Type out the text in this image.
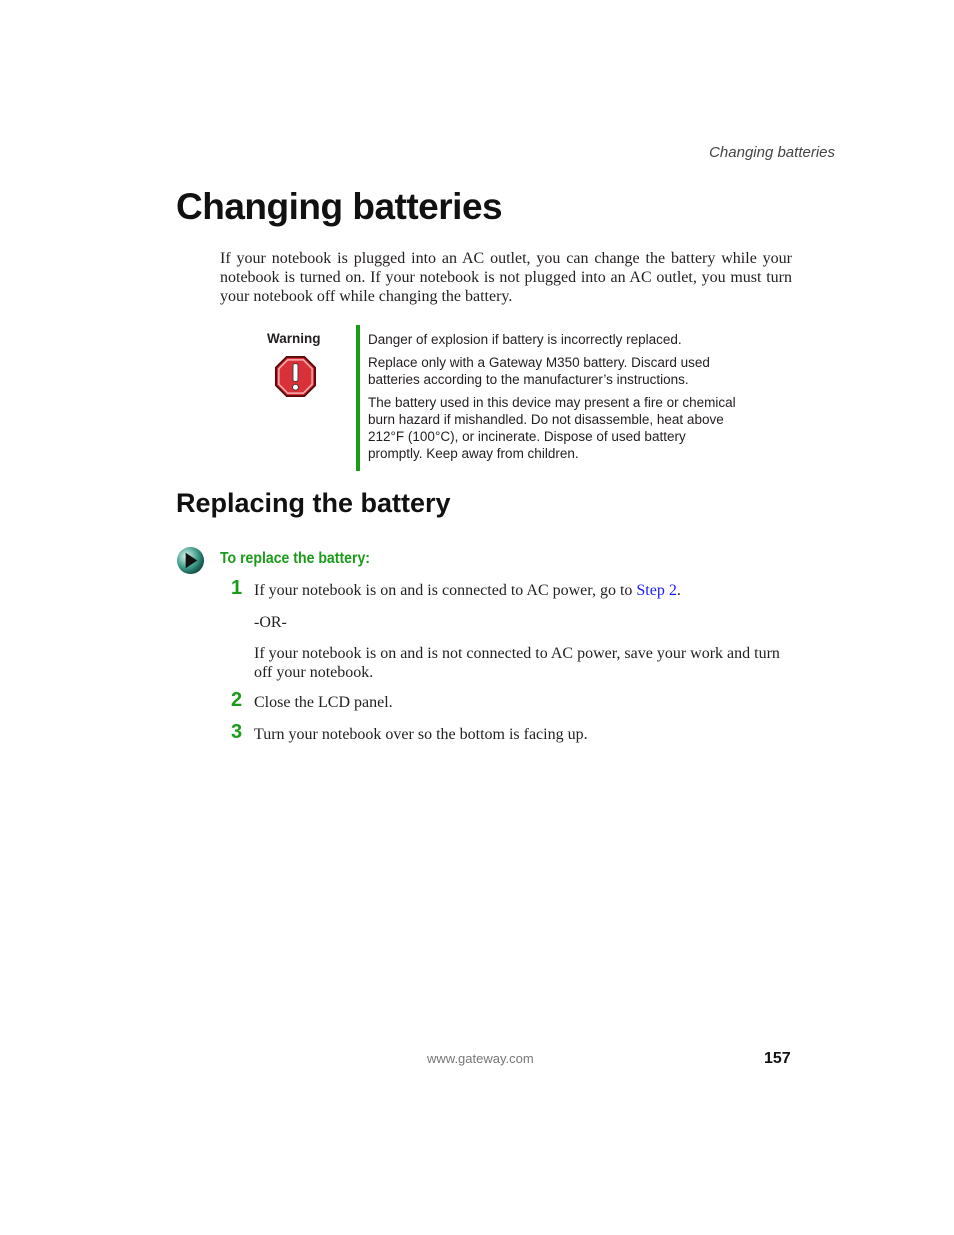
Changing batteries
Changing batteries

If your notebook is plugged into an AC outlet, you can change the battery while your notebook is turned on. If your notebook is not plugged into an AC outlet, you must turn your notebook off while changing the battery.

Warning	Danger of explosion if battery is incorrectly replaced.

Replace only with a Gateway M350 battery. Discard used batteries according to the manufacturer’s instructions.

The battery used in this device may present a fire or chemical burn hazard if mishandled. Do not disassemble, heat above 212°F (100°C), or incinerate. Dispose of used battery promptly. Keep away from children.

Replacing the battery
To replace the battery:
1 If your notebook is on and is connected to AC power, go to Step 2.

-OR-

If your notebook is on and is not connected to AC power, save your work and turn off your notebook.

2 Close the LCD panel.

3 Turn your notebook over so the bottom is facing up.

www.gateway.com	157
